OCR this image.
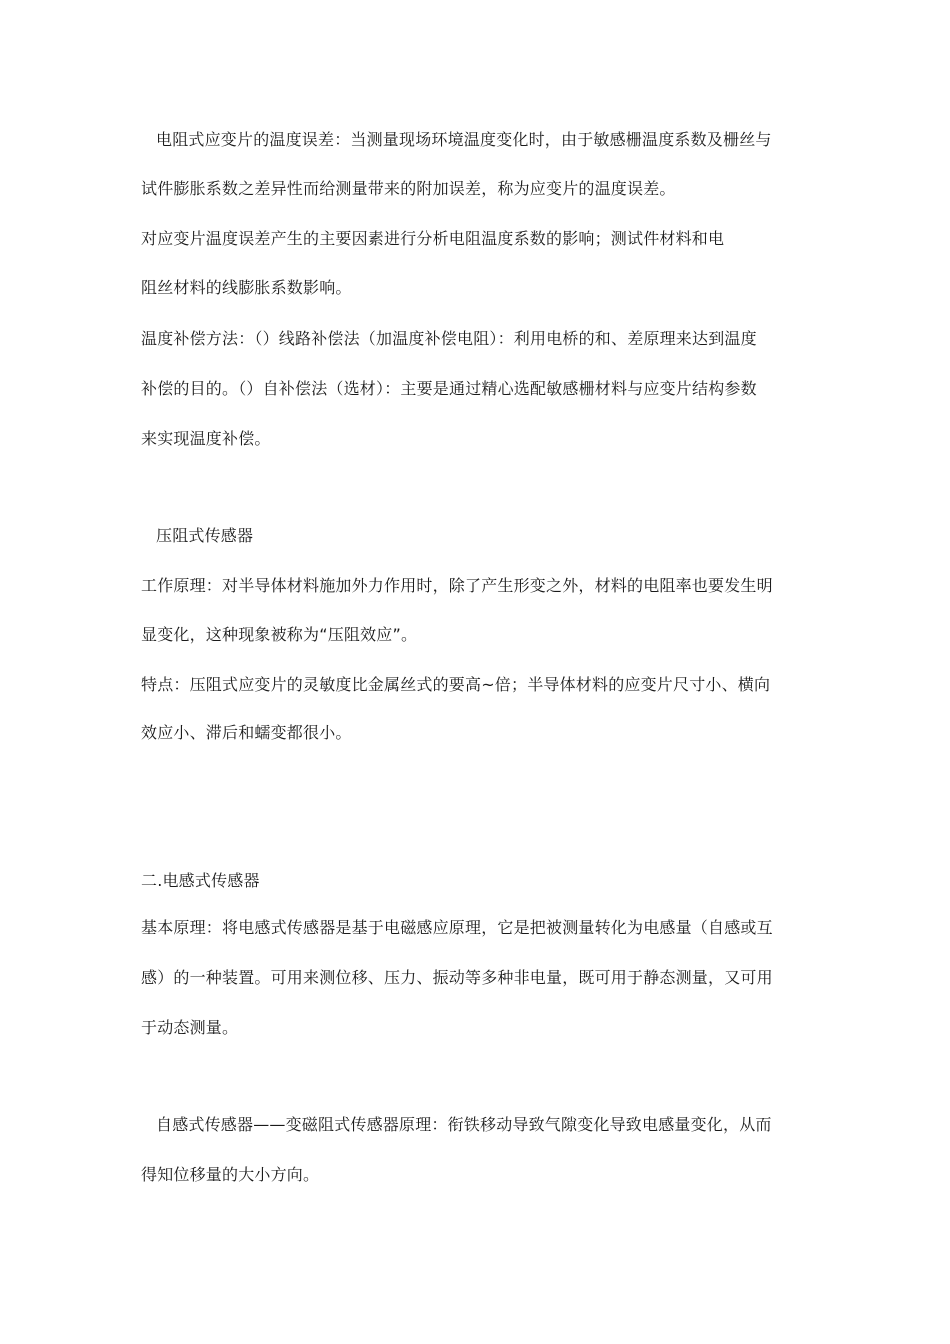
电阻式应变片的温度误差：当测量现场环境温度变化时，由于敏感栅温度系数及栅丝与
试件膨胀系数之差异性而给测量带来的附加误差，称为应变片的温度误差。
对应变片温度误差产生的主要因素进行分析电阻温度系数的影响；测试件材料和电
阻丝材料的线膨胀系数影响。
温度补偿方法：（）线路补偿法（加温度补偿电阻）：利用电桥的和、差原理来达到温度
补偿的目的。（）自补偿法（选材）：主要是通过精心选配敏感栅材料与应变片结构参数
来实现温度补偿。
压阻式传感器
工作原理：对半导体材料施加外力作用时，除了产生形变之外，材料的电阻率也要发生明
显变化，这种现象被称为“压阻效应”。
特点：压阻式应变片的灵敏度比金属丝式的要高~倍；半导体材料的应变片尺寸小、横向
效应小、滞后和蠕变都很小。
二.电感式传感器
基本原理：将电感式传感器是基于电磁感应原理，它是把被测量转化为电感量（自感或互
感）的一种装置。可用来测位移、压力、振动等多种非电量，既可用于静态测量，又可用
于动态测量。
自感式传感器——变磁阻式传感器原理：衔铁移动导致气隙变化导致电感量变化，从而
得知位移量的大小方向。
